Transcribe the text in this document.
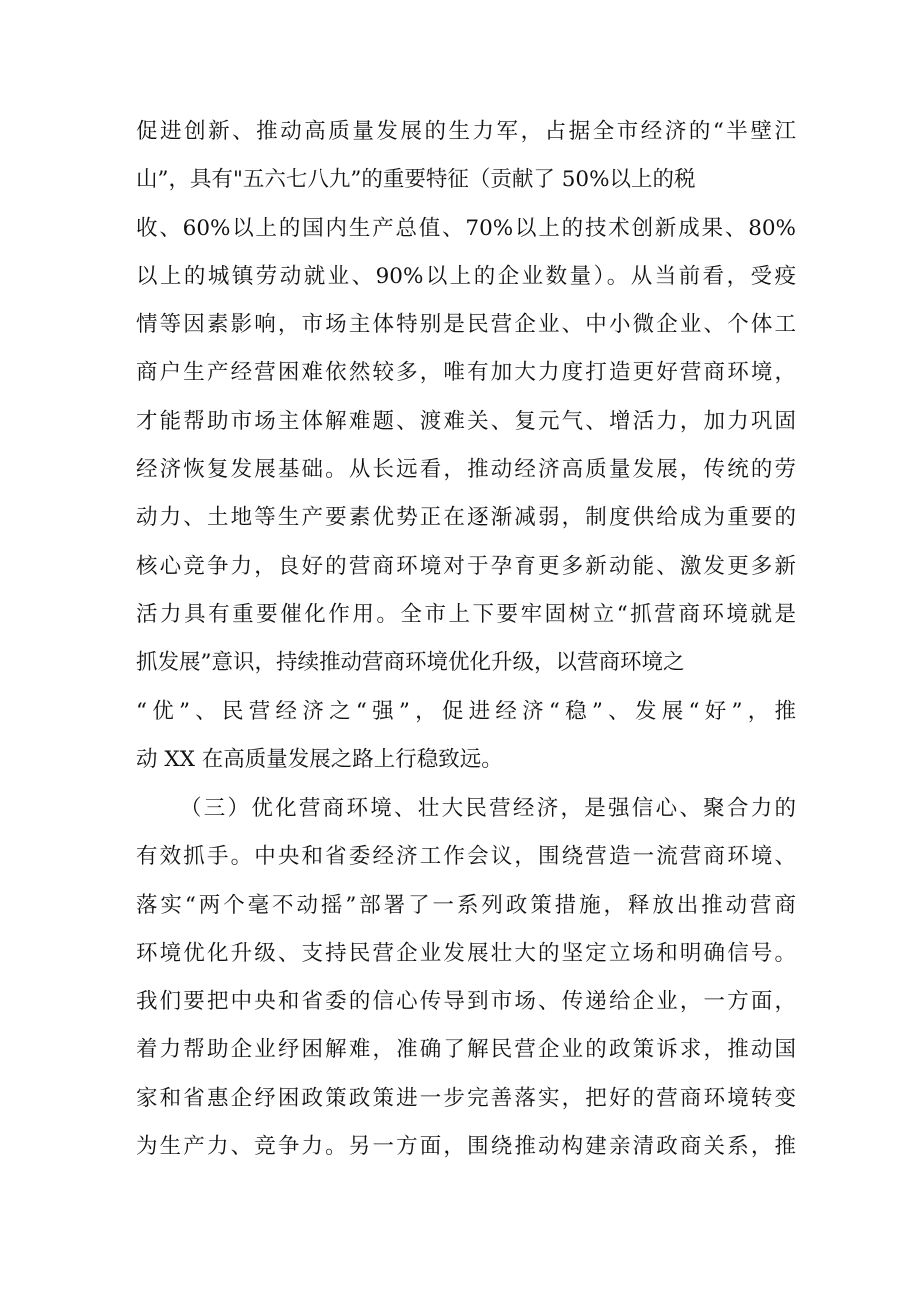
促进创新、推动高质量发展的生力军，占据全市经济的“半壁江
山”，具有"五六七八九”的重要特征（贡献了 50%以上的税
收、60%以上的国内生产总值、70%以上的技术创新成果、80%
以上的城镇劳动就业、90%以上的企业数量）。从当前看，受疫
情等因素影响，市场主体特别是民营企业、中小微企业、个体工
商户生产经营困难依然较多，唯有加大力度打造更好营商环境，
才能帮助市场主体解难题、渡难关、复元气、增活力，加力巩固
经济恢复发展基础。从长远看，推动经济高质量发展，传统的劳
动力、土地等生产要素优势正在逐渐减弱，制度供给成为重要的
核心竞争力，良好的营商环境对于孕育更多新动能、激发更多新
活力具有重要催化作用。全市上下要牢固树立“抓营商环境就是
抓发展”意识，持续推动营商环境优化升级，以营商环境之
“优”、民营经济之“强”，促进经济“稳”、发展“好”，推
动 XX 在高质量发展之路上行稳致远。
（三）优化营商环境、壮大民营经济，是强信心、聚合力的
有效抓手。中央和省委经济工作会议，围绕营造一流营商环境、
落实“两个毫不动摇”部署了一系列政策措施，释放出推动营商
环境优化升级、支持民营企业发展壮大的坚定立场和明确信号。
我们要把中央和省委的信心传导到市场、传递给企业，一方面，
着力帮助企业纾困解难，准确了解民营企业的政策诉求，推动国
家和省惠企纾困政策政策进一步完善落实，把好的营商环境转变
为生产力、竞争力。另一方面，围绕推动构建亲清政商关系，推
